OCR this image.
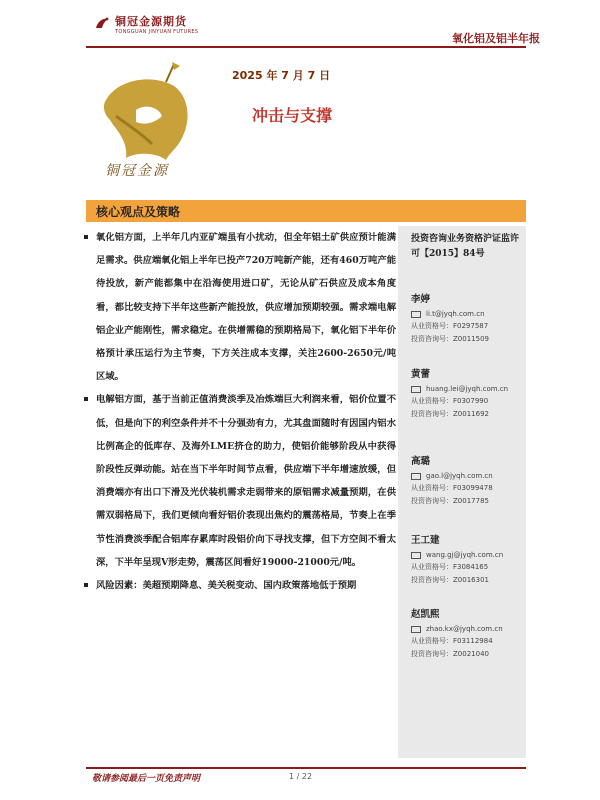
铜冠金源期货
TONGGUAN JINYUAN FUTURES	氧化铝及铝半年报
铜冠金源
2025 年 7 月 7 日
冲击与支撑
核心观点及策略
氧化铝方面，上半年几内亚矿端虽有小扰动，但全年铝土矿供应预计能满足需求。供应端氧化铝上半年已投产720万吨新产能，还有460万吨产能待投放，新产能都集中在沿海使用进口矿，无论从矿石供应及成本角度看，都比较支持下半年这些新产能投放，供应增加预期较强。需求端电解铝企业产能刚性，需求稳定。在供增需稳的预期格局下，氧化铝下半年价格预计承压运行为主节奏，下方关注成本支撑，关注2600-2650元/吨区域。
电解铝方面，基于当前正值消费淡季及冶炼端巨大利润来看，铝价位置不低，但是向下的利空条件并不十分强劲有力，尤其盘面随时有因国内铝水比例高企的低库存、及海外LME挤仓的助力，使铝价能够阶段从中获得阶段性反弹动能。站在当下半年时间节点看，供应端下半年增速放缓，但消费端亦有出口下滑及光伏装机需求走弱带来的原铝需求减量预期，在供需双弱格局下，我们更倾向看好铝价表现出焦灼的震荡格局，节奏上在季节性消费淡季配合铝库存累库时段铝价向下寻找支撑，但下方空间不看太深，下半年呈现V形走势，震荡区间看好19000-21000元/吨。
风险因素：美超预期降息、美关税变动、国内政策落地低于预期
投资咨询业务资格沪证监许可【2015】84号
李婷
li.t@jyqh.com.cn
从业资格号：F0297587
投资咨询号：Z0011509
黄蕾
huang.lei@jyqh.com.cn
从业资格号：F0307990
投资咨询号：Z0011692
高璐
gao.l@jyqh.com.cn
从业资格号：F03099478
投资咨询号：Z0017785
王工建
wang.gj@jyqh.com.cn
从业资格号：F3084165
投资咨询号：Z0016301
赵凯熙
zhao.kx@jyqh.com.cn
从业资格号：F03112984
投资咨询号：Z0021040
敬请参阅最后一页免责声明	1 / 22
